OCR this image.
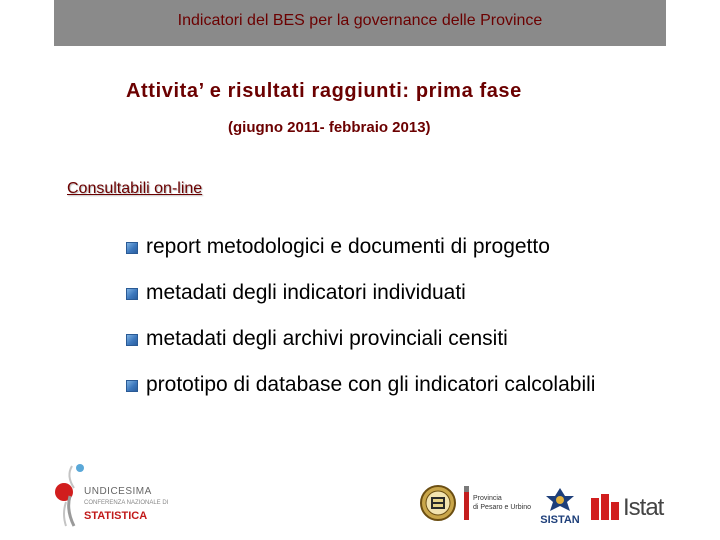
Indicatori del BES per la governance delle Province
Attivita’ e risultati raggiunti: prima fase
(giugno 2011- febbraio 2013)
Consultabili on-line
report metodologici e documenti di progetto
metadati degli indicatori individuati
metadati degli archivi provinciali censiti
prototipo di database con gli indicatori calcolabili
UNDICESIMA
CONFERENZA NAZIONALE DI
STATISTICA
Provincia
di Pesaro e Urbino
SISTAN Istat
